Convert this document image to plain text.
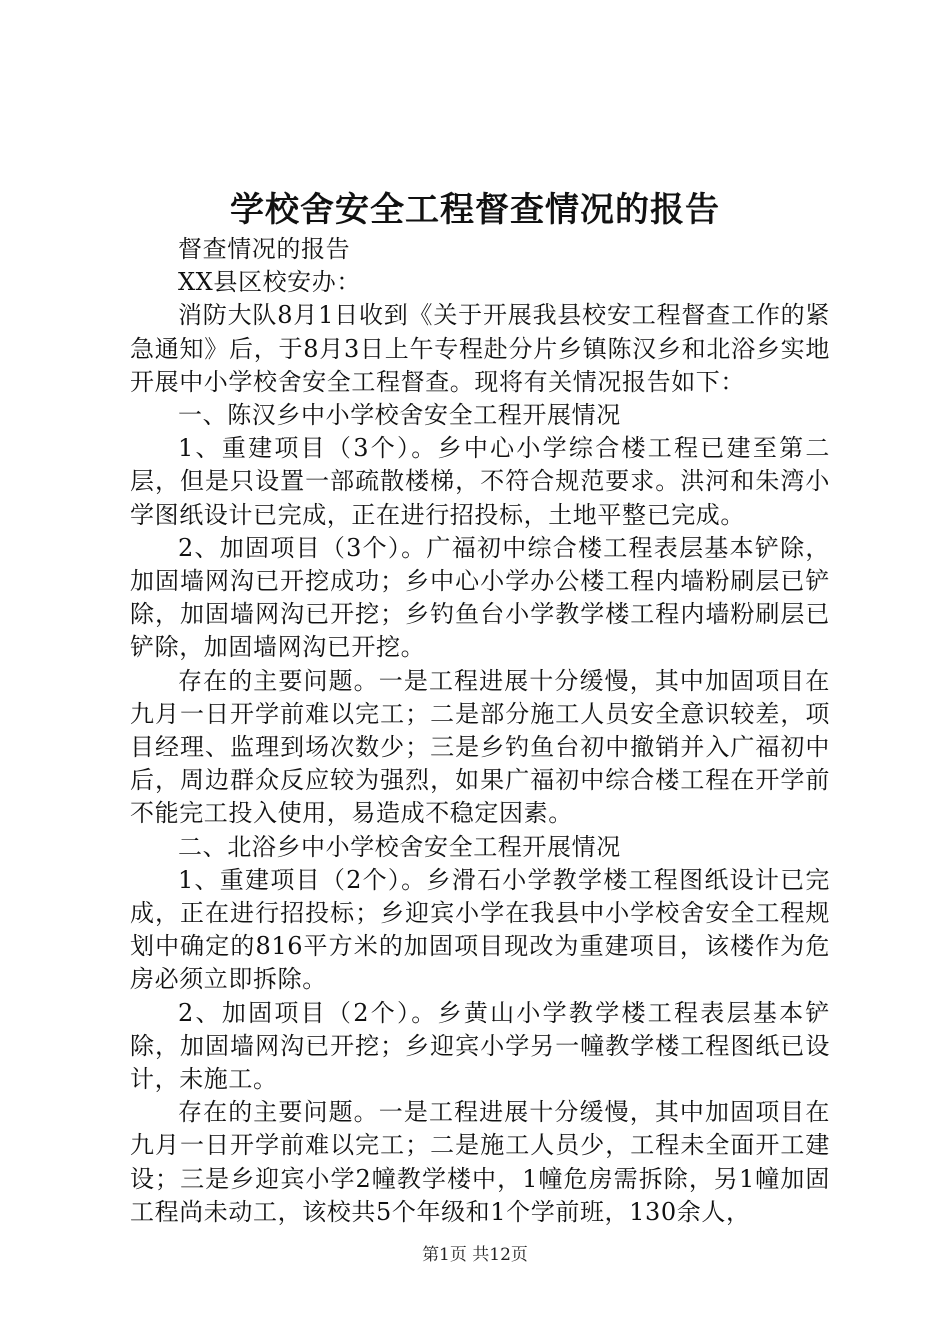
学校舍安全工程督查情况的报告

督查情况的报告

XX县区校安办：

消防大队8月1日收到《关于开展我县校安工程督查工作的紧急通知》后，于8月3日上午专程赴分片乡镇陈汉乡和北浴乡实地开展中小学校舍安全工程督查。现将有关情况报告如下：

一、陈汉乡中小学校舍安全工程开展情况

1、重建项目（3个）。乡中心小学综合楼工程已建至第二层，但是只设置一部疏散楼梯，不符合规范要求。洪河和朱湾小学图纸设计已完成，正在进行招投标，土地平整已完成。

2、加固项目（3个）。广福初中综合楼工程表层基本铲除，加固墙网沟已开挖成功；乡中心小学办公楼工程内墙粉刷层已铲除，加固墙网沟已开挖；乡钓鱼台小学教学楼工程内墙粉刷层已铲除，加固墙网沟已开挖。

存在的主要问题。一是工程进展十分缓慢，其中加固项目在九月一日开学前难以完工；二是部分施工人员安全意识较差，项目经理、监理到场次数少；三是乡钓鱼台初中撤销并入广福初中后，周边群众反应较为强烈，如果广福初中综合楼工程在开学前不能完工投入使用，易造成不稳定因素。

二、北浴乡中小学校舍安全工程开展情况

1、重建项目（2个）。乡滑石小学教学楼工程图纸设计已完成，正在进行招投标；乡迎宾小学在我县中小学校舍安全工程规划中确定的816平方米的加固项目现改为重建项目，该楼作为危房必须立即拆除。

2、加固项目（2个）。乡黄山小学教学楼工程表层基本铲除，加固墙网沟已开挖；乡迎宾小学另一幢教学楼工程图纸已设计，未施工。

存在的主要问题。一是工程进展十分缓慢，其中加固项目在九月一日开学前难以完工；二是施工人员少，工程未全面开工建设；三是乡迎宾小学2幢教学楼中，1幢危房需拆除，另1幢加固工程尚未动工，该校共5个年级和1个学前班，130余人，

第1页 共12页
